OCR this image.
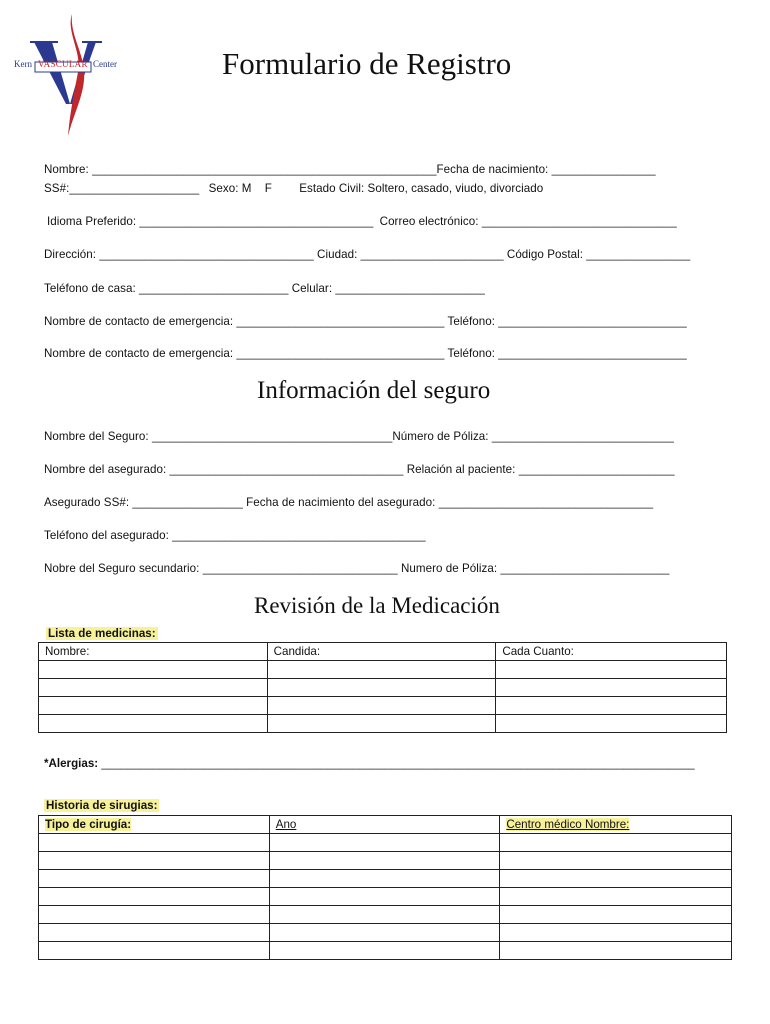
Kern VASCULAR Center	Formulario de Registro
Nombre: _____________________________________________________Fecha de nacimiento: ________________
SS#:____________________ Sexo: M F Estado Civil: Soltero, casado, viudo, divorciado
Idioma Preferido: ____________________________________ Correo electrónico: ______________________________
Dirección: _________________________________ Ciudad: ______________________ Código Postal: ________________
Teléfono de casa: _______________________ Celular: _______________________
Nombre de contacto de emergencia: ________________________________ Teléfono: _____________________________
Nombre de contacto de emergencia: ________________________________ Teléfono: _____________________________
Información del seguro
Nombre del Seguro: _____________________________________Número de Póliza: ____________________________
Nombre del asegurado: ____________________________________ Relación al paciente: ________________________
Asegurado SS#: _________________ Fecha de nacimiento del asegurado: _________________________________
Teléfono del asegurado: _______________________________________
Nobre del Seguro secundario: ______________________________ Numero de Póliza: __________________________
Revisión de la Medicación
Lista de medicinas:
Nombre:	Candida:	Cada Cuanto:

*Alergias: ____________________________________________________________________________________________
Historia de sirugias:
Tipo de cirugía:	Ano	Centro médico Nombre:
